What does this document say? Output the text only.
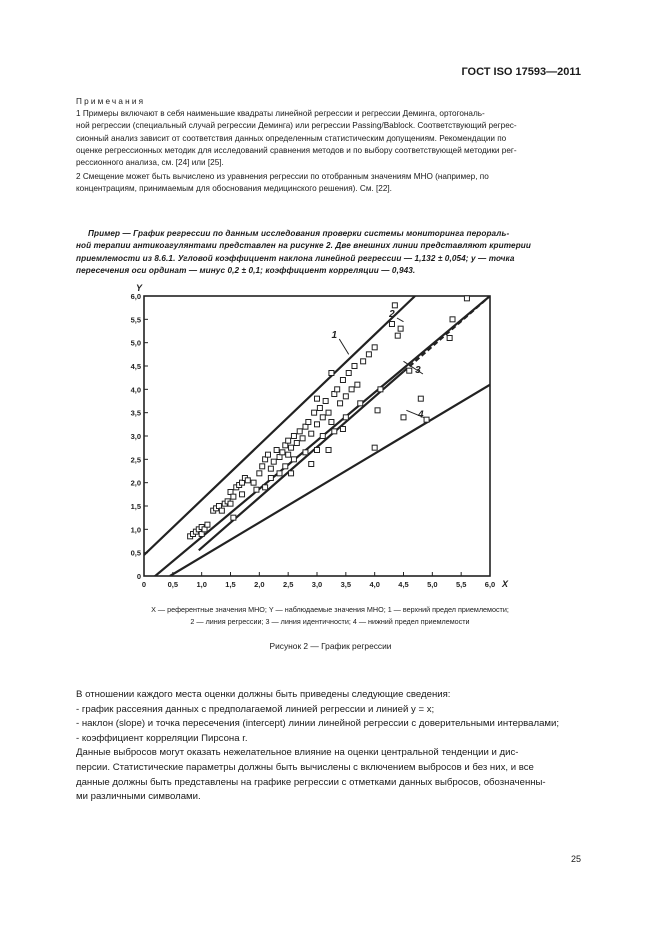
ГОСТ ISO 17593—2011

Примечания

1 Примеры включают в себя наименьшие квадраты линейной регрессии и регрессии Деминга, ортогональ-

ной регрессии (специальный случай регрессии Деминга) или регрессии Passing/Bablock. Соответствующий регрес-

сионный анализ зависит от соответствия данных определенным статистическим допущениям. Рекомендации по

оценке регрессионных методик для исследований сравнения методов и по выбору соответствующей методики рег-

рессионного анализа, см. [24] или [25].

2 Смещение может быть вычислено из уравнения регрессии по отобранным значениям МНО (например, по

концентрациям, принимаемым для обоснования медицинского решения). См. [22].

Пример — График регрессии по данным исследования проверки системы мониторинга перораль-

ной терапии антикоагулянтами представлен на рисунке 2. Две внешних линии представляют критерии

приемлемости из 8.6.1. Угловой коэффициент наклона линейной регрессии — 1,132 ± 0,054; у — точка

пересечения оси ординат — минус 0,2 ± 0,1; коэффициент корреляции — 0,943.

0	0,5 1,0 1,5 2,0 2,5 3,0 3,5 4,0 4,5 5,0 5,5 6,0
0
0,5
1,0
1,5
2,0
2,5
3,0
3,5
4,0
4,5
5,0
5,5
6,0
X
Y
1
2
3
4

X — референтные значения МНО; Y — наблюдаемые значения МНО; 1 — верхний предел приемлемости;

2 — линия регрессии; 3 — линия идентичности; 4 — нижний предел приемлемости

Рисунок 2 — График регрессии

В отношении каждого места оценки должны быть приведены следующие сведения:

- график рассеяния данных с предполагаемой линией регрессии и линией y = x;

- наклон (slope) и точка пересечения (intercept) линии линейной регрессии с доверительными интервалами;

- коэффициент корреляции Пирсона r.

Данные выбросов могут оказать нежелательное влияние на оценки центральной тенденции и дис-

персии. Статистические параметры должны быть вычислены с включением выбросов и без них, и все

данные должны быть представлены на графике регрессии с отметками данных выбросов, обозначенны-

ми различными символами.

25
